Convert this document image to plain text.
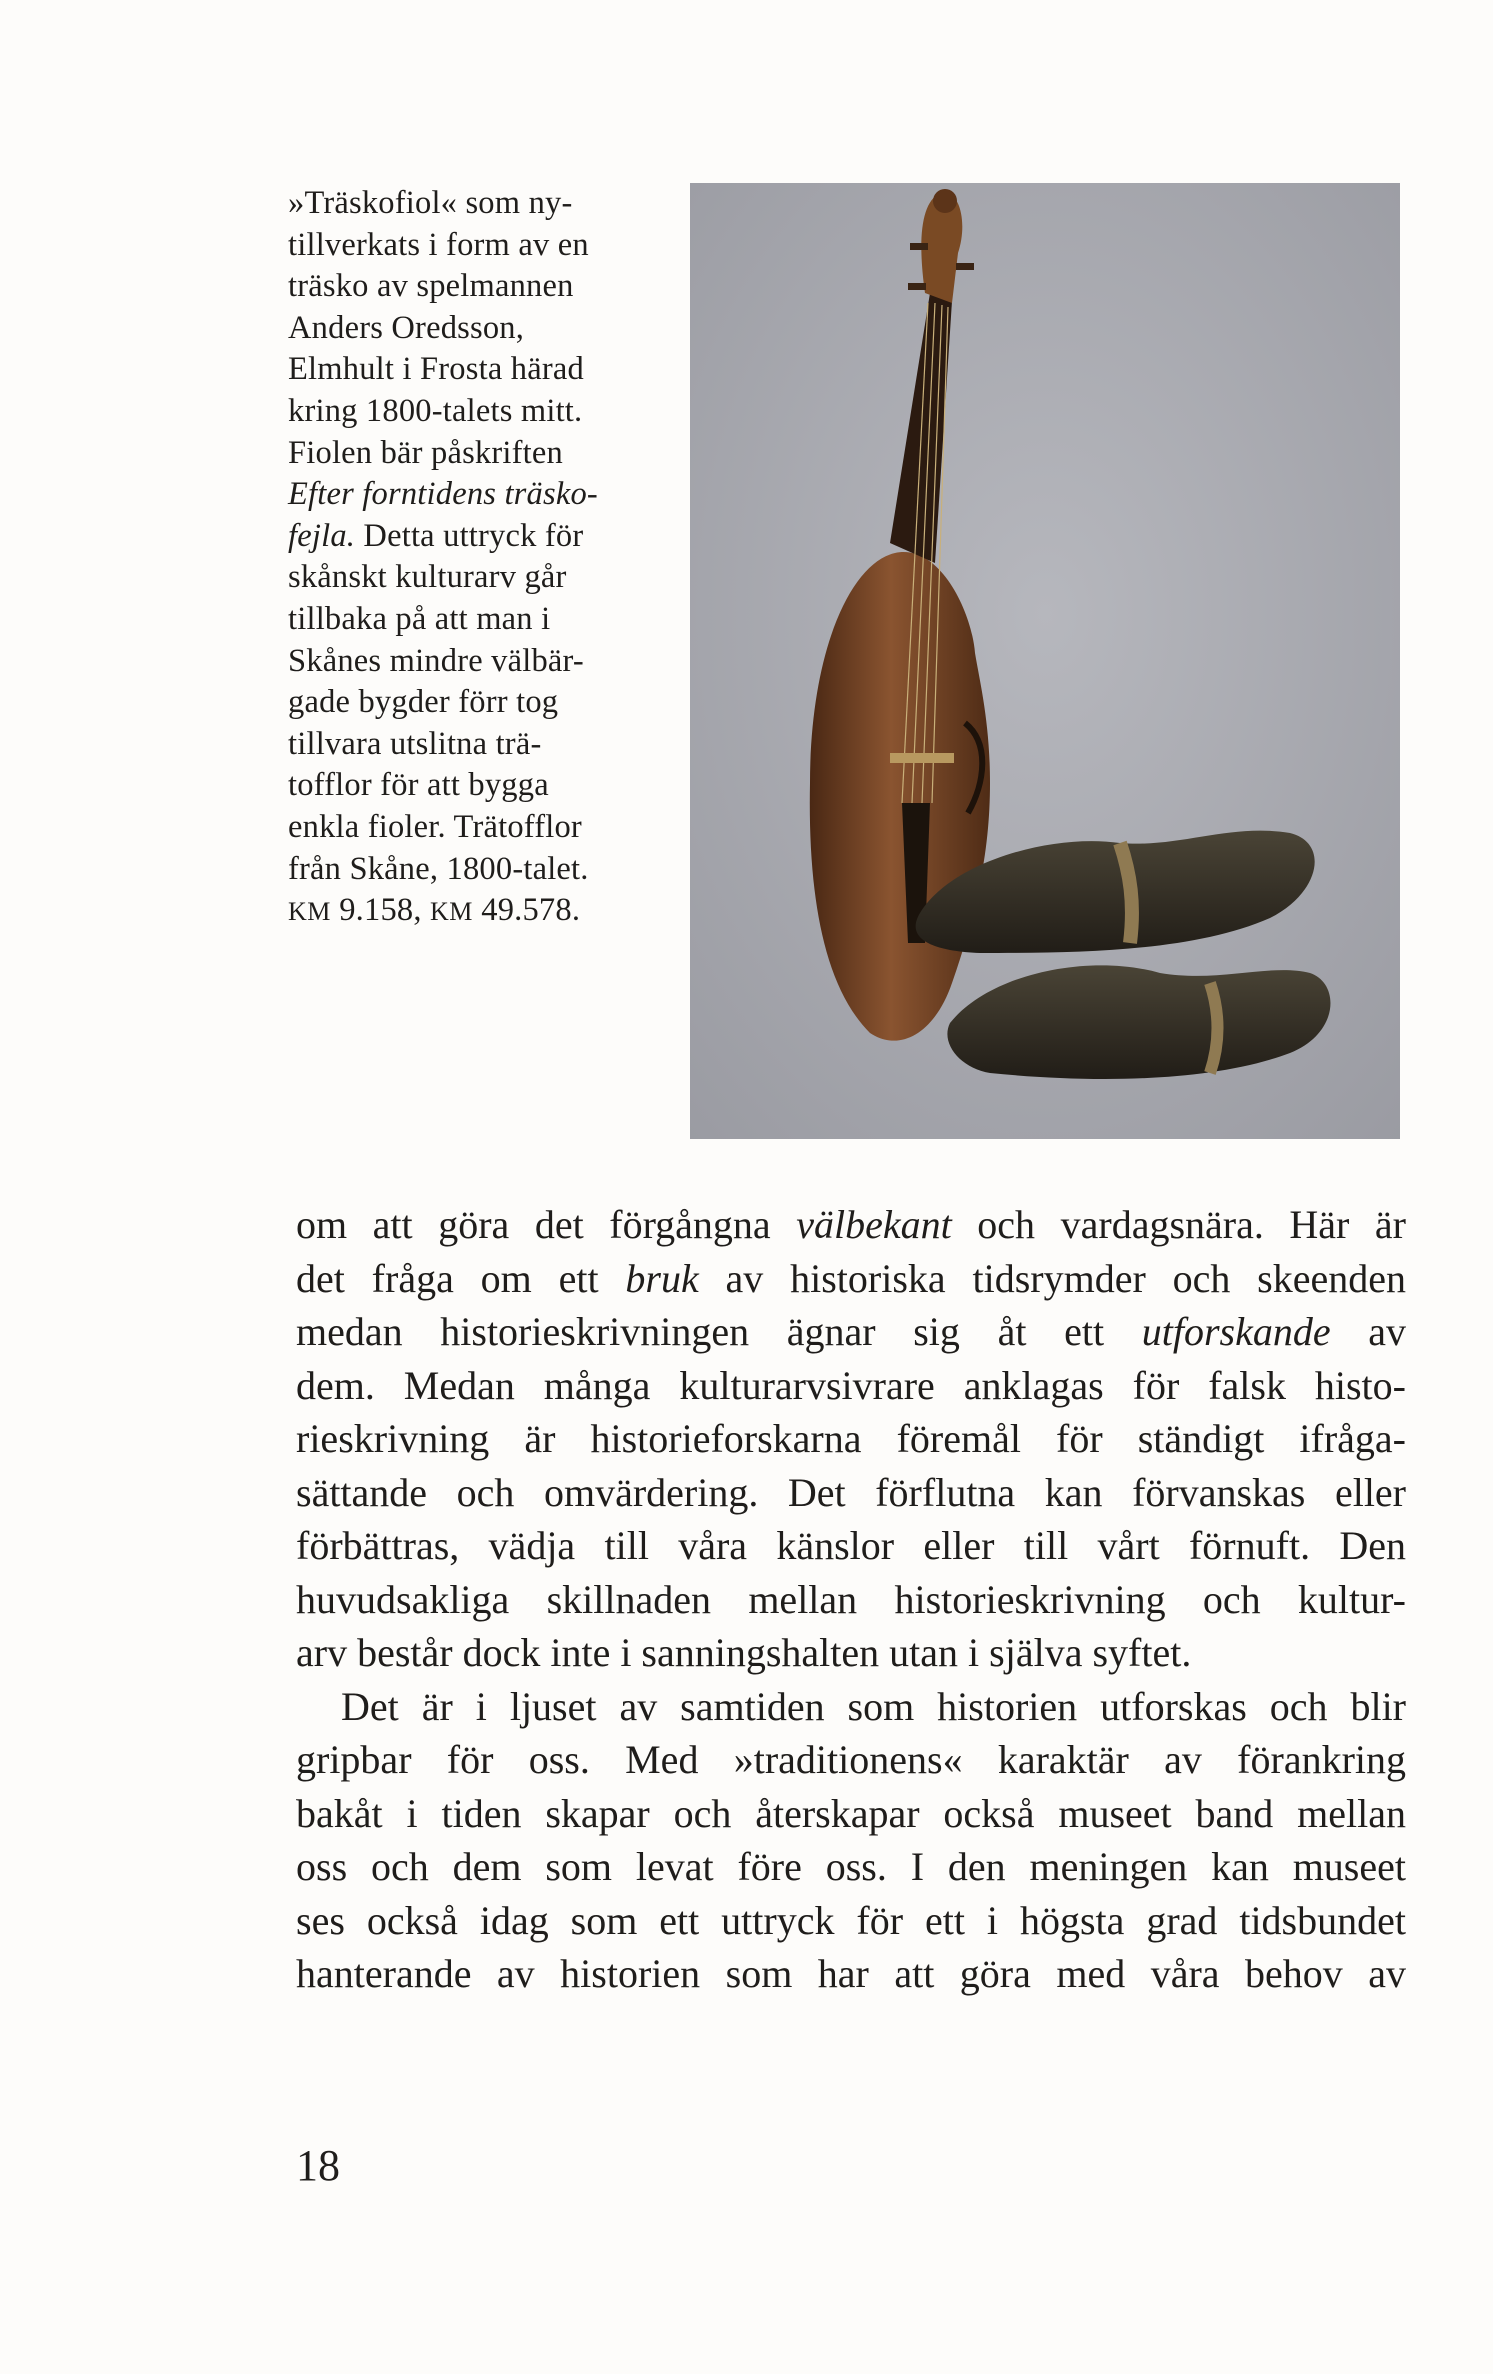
»Träskofiol« som ny-
tillverkats i form av en
träsko av spelmannen
Anders Oredsson,
Elmhult i Frosta härad
kring 1800-talets mitt.
Fiolen bär påskriften
Efter forntidens träsko-
fejla. Detta uttryck för
skånskt kulturarv går
tillbaka på att man i
Skånes mindre välbär-
gade bygder förr tog
tillvara utslitna trä-
tofflor för att bygga
enkla fioler. Trätofflor
från Skåne, 1800-talet.
KM 9.158, KM 49.578.

om att göra det förgångna välbekant och vardagsnära. Här är
det fråga om ett bruk av historiska tidsrymder och skeenden
medan historieskrivningen ägnar sig åt ett utforskande av
dem. Medan många kulturarvsivrare anklagas för falsk histo-
rieskrivning är historieforskarna föremål för ständigt ifråga-
sättande och omvärdering. Det förflutna kan förvanskas eller
förbättras, vädja till våra känslor eller till vårt förnuft. Den
huvudsakliga skillnaden mellan historieskrivning och kultur-
arv består dock inte i sanningshalten utan i själva syftet.
Det är i ljuset av samtiden som historien utforskas och blir
gripbar för oss. Med »traditionens« karaktär av förankring
bakåt i tiden skapar och återskapar också museet band mellan
oss och dem som levat före oss. I den meningen kan museet
ses också idag som ett uttryck för ett i högsta grad tidsbundet
hanterande av historien som har att göra med våra behov av

18
